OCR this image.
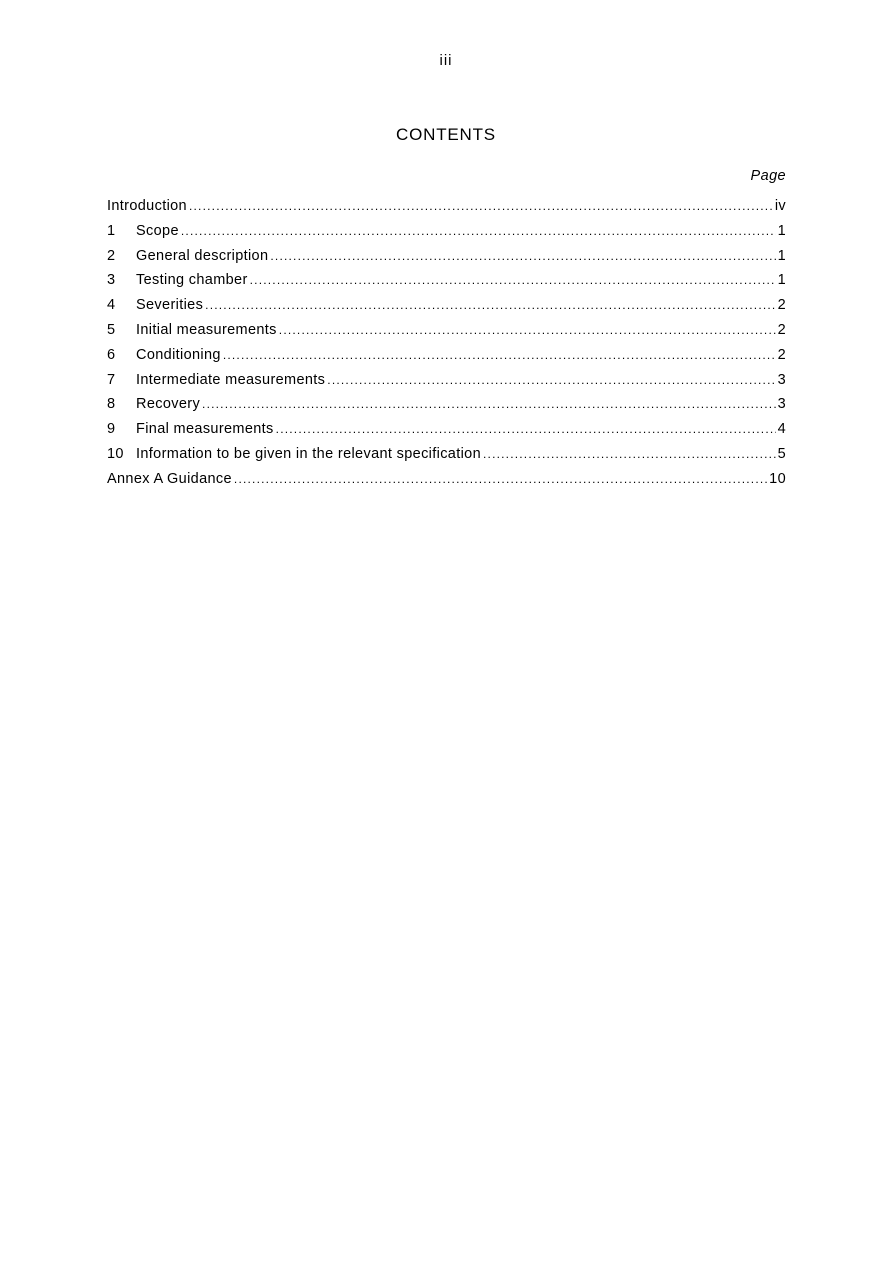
iii
CONTENTS
Page
Introduction .....	iv
1	Scope .....	1
2	General description .....	1
3	Testing chamber .....	1
4	Severities .....	2
5	Initial measurements .....	2
6	Conditioning .....	2
7	Intermediate measurements .....	3
8	Recovery .....	3
9	Final measurements .....	4
10 Information to be given in the relevant specification .....	5
Annex A Guidance .....	10
